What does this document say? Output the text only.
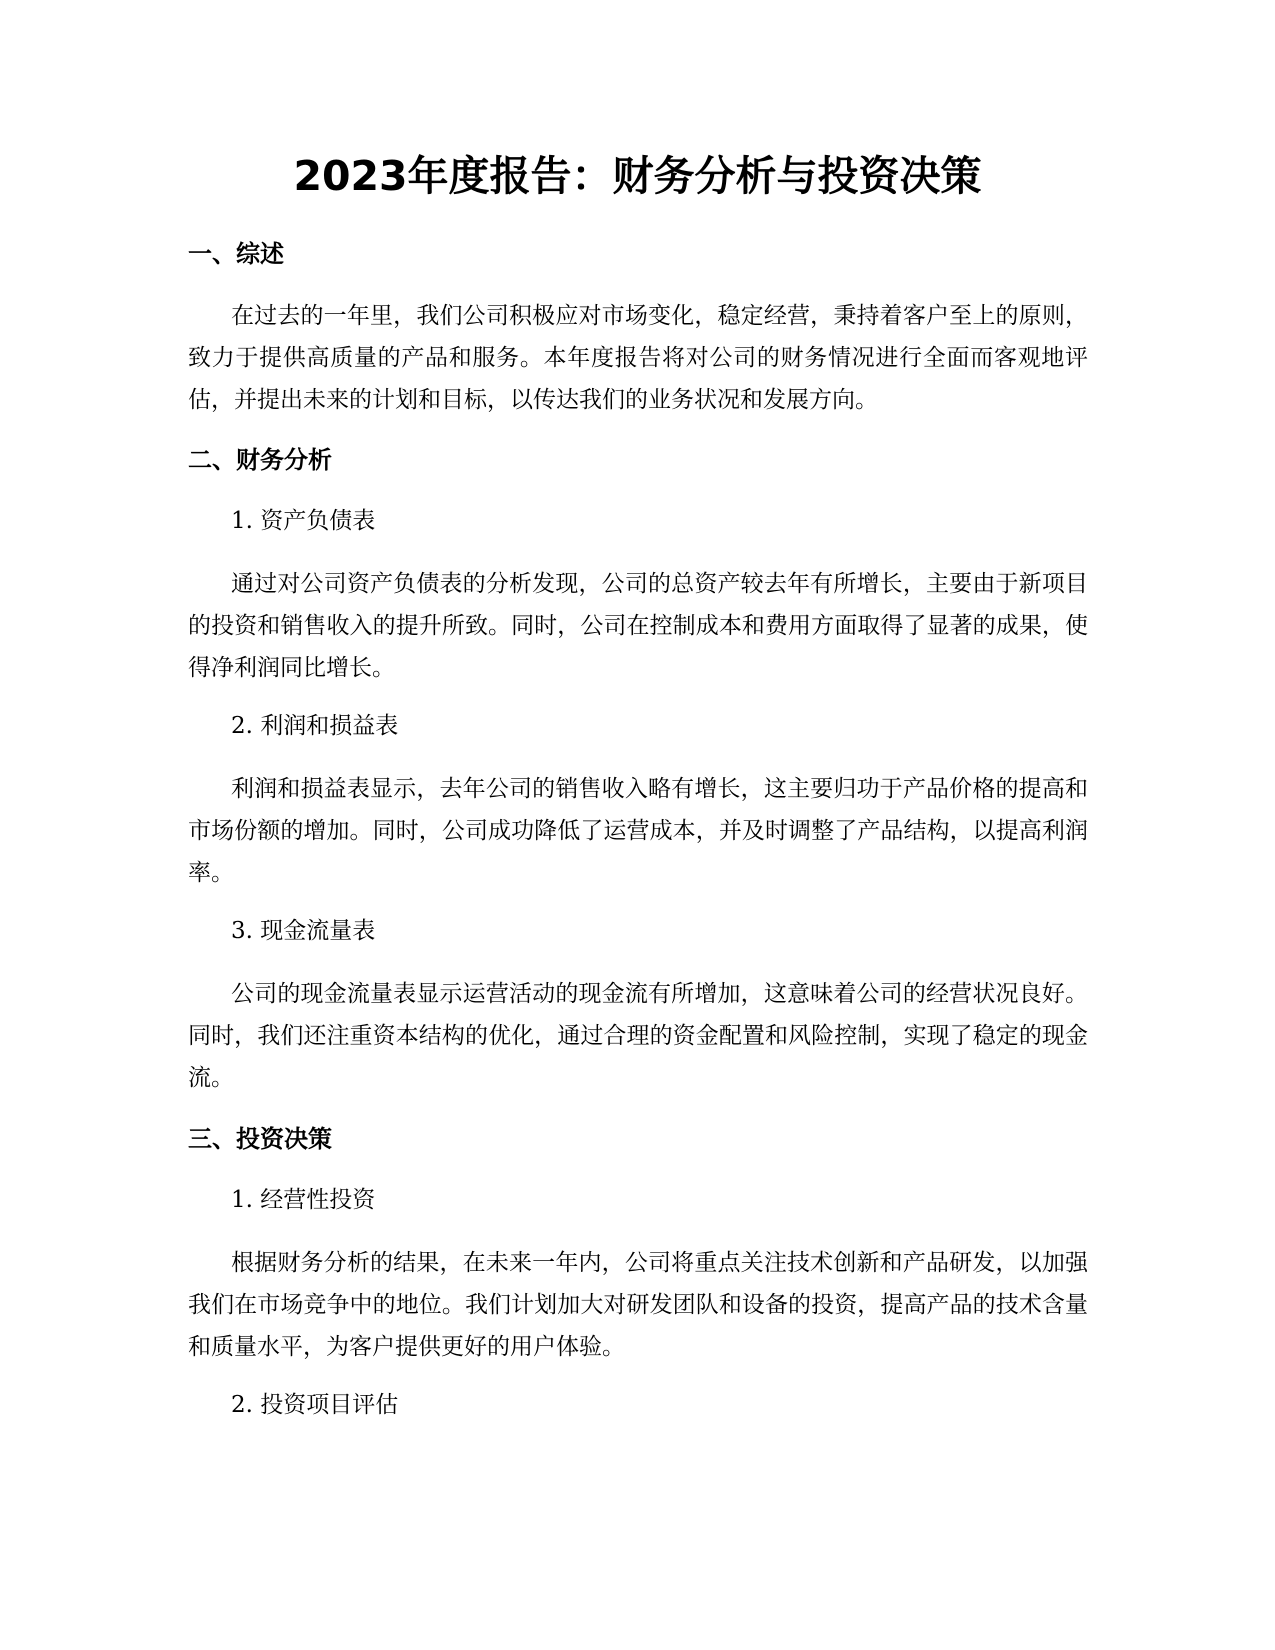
2023年度报告：财务分析与投资决策
一、综述

在过去的一年里，我们公司积极应对市场变化，稳定经营，秉持着客户至上的原则，致力于提供高质量的产品和服务。本年度报告将对公司的财务情况进行全面而客观地评估，并提出未来的计划和目标，以传达我们的业务状况和发展方向。

二、财务分析
1. 资产负债表

通过对公司资产负债表的分析发现，公司的总资产较去年有所增长，主要由于新项目的投资和销售收入的提升所致。同时，公司在控制成本和费用方面取得了显著的成果，使得净利润同比增长。

2. 利润和损益表

利润和损益表显示，去年公司的销售收入略有增长，这主要归功于产品价格的提高和市场份额的增加。同时，公司成功降低了运营成本，并及时调整了产品结构，以提高利润率。

3. 现金流量表

公司的现金流量表显示运营活动的现金流有所增加，这意味着公司的经营状况良好。同时，我们还注重资本结构的优化，通过合理的资金配置和风险控制，实现了稳定的现金流。

三、投资决策
1. 经营性投资

根据财务分析的结果，在未来一年内，公司将重点关注技术创新和产品研发，以加强我们在市场竞争中的地位。我们计划加大对研发团队和设备的投资，提高产品的技术含量和质量水平，为客户提供更好的用户体验。

2. 投资项目评估
